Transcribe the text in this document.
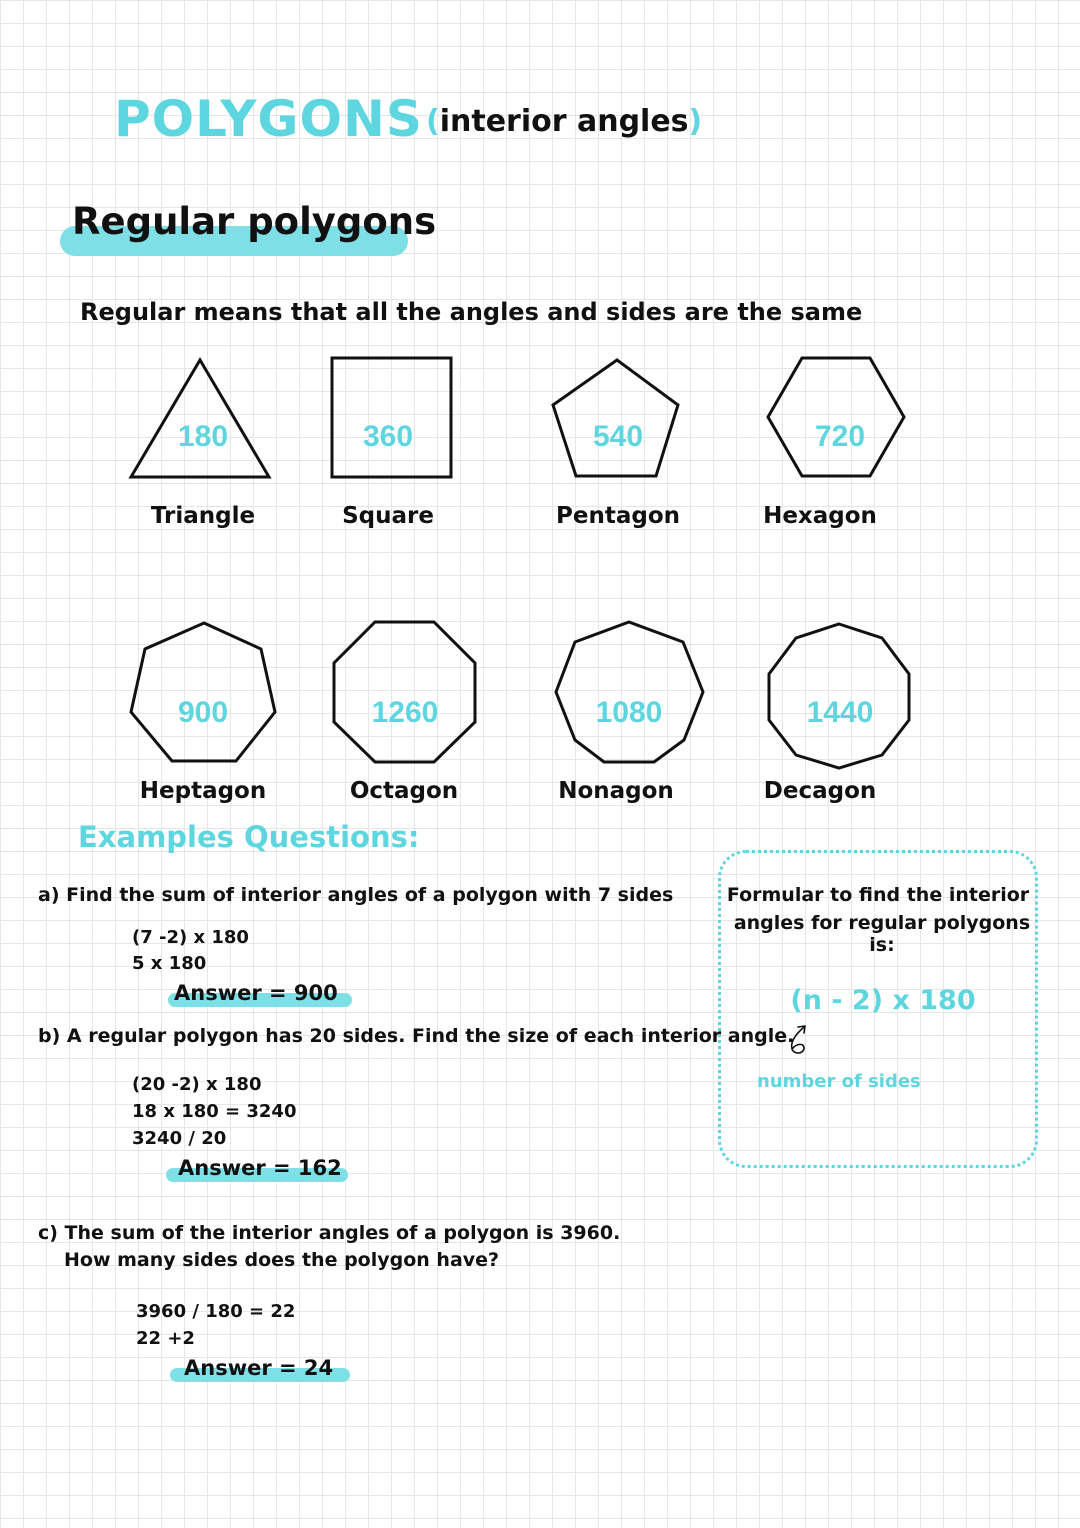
POLYGONS (interior angles)
Regular polygons
Regular means that all the angles and sides are the same
180	360	540	720
900	1260	1080	1440
Triangle	Square	Pentagon	Hexagon
Heptagon	Octagon	Nonagon	Decagon
Examples Questions:
a) Find the sum of interior angles of a polygon with 7 sides
(7 -2) x 180
5 x 180
Answer = 900
b) A regular polygon has 20 sides. Find the size of each interior angle.
(20 -2) x 180
18 x 180 = 3240
3240 / 20
Answer = 162
c) The sum of the interior angles of a polygon is 3960.
How many sides does the polygon have?
3960 / 180 = 22
22 +2
Answer = 24
Formular to find the interior
angles for regular polygons is:
(n - 2) x 180
number of sides
